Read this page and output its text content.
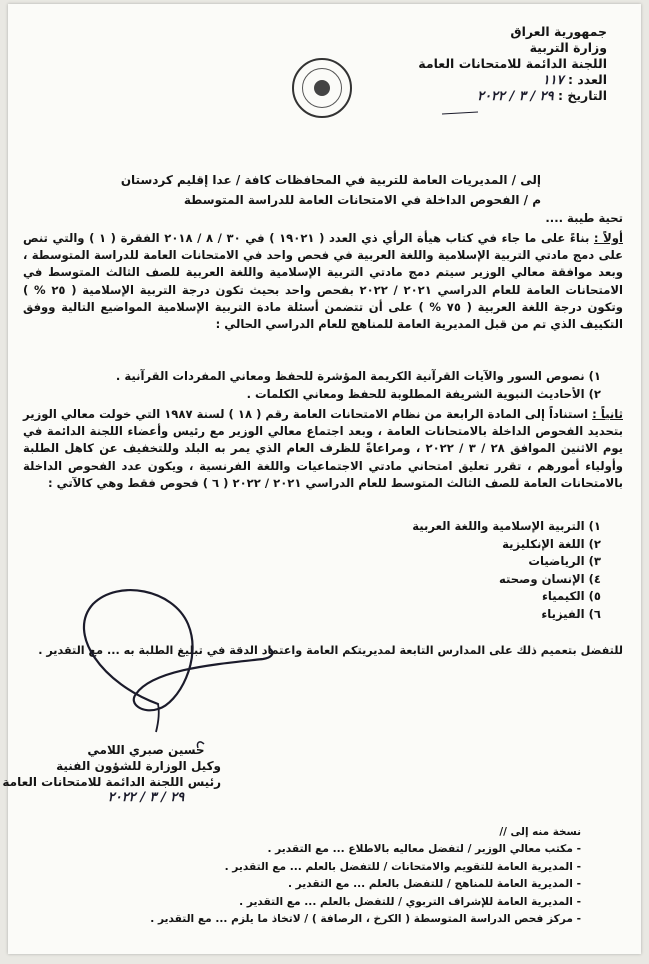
جمهورية العراق
وزارة التربية
اللجنة الدائمة للامتحانات العامة
العدد : ١١٧
التاريخ : ٢٩ / ٣ / ٢٠٢٢
إلى / المديريات العامة للتربية في المحافظات كافة / عدا إقليم كردستان
م / الفحوص الداخلة في الامتحانات العامة للدراسة المتوسطة
تحية طيبة ....
أولاً : بناءً على ما جاء في كتاب هيأة الرأي ذي العدد ( ١٩٠٢١ ) في ٣٠ / ٨ / ٢٠١٨ الفقرة ( ١ ) والتي تنص على دمج مادتي التربية الإسلامية واللغة العربية في فحص واحد في الامتحانات العامة للدراسة المتوسطة ، وبعد موافقة معالي الوزير سيتم دمج مادتي التربية الإسلامية واللغة العربية للصف الثالث المتوسط في الامتحانات العامة للعام الدراسي ٢٠٢١ / ٢٠٢٢ بفحص واحد بحيث تكون درجة التربية الإسلامية ( ٢٥ % ) وتكون درجة اللغة العربية ( ٧٥ % ) على أن تتضمن أسئلة مادة التربية الإسلامية المواضيع التالية ووفق التكييف الذي تم من قبل المديرية العامة للمناهج للعام الدراسي الحالي :
١) نصوص السور والآيات القرآنية الكريمة المؤشرة للحفظ ومعاني المفردات القرآنية .
٢) الأحاديث النبوية الشريفة المطلوبة للحفظ ومعاني الكلمات .
ثانياً : استناداً إلى المادة الرابعة من نظام الامتحانات العامة رقم ( ١٨ ) لسنة ١٩٨٧ التي خولت معالي الوزير بتحديد الفحوص الداخلة بالامتحانات العامة ، وبعد اجتماع معالي الوزير مع رئيس وأعضاء اللجنة الدائمة في يوم الاثنين الموافق ٢٨ / ٣ / ٢٠٢٢ ، ومراعاةً للظرف العام الذي يمر به البلد وللتخفيف عن كاهل الطلبة وأولياء أمورهم ، تقرر تعليق امتحاني مادتي الاجتماعيات واللغة الفرنسية ، ويكون عدد الفحوص الداخلة بالامتحانات العامة للصف الثالث المتوسط للعام الدراسي ٢٠٢١ / ٢٠٢٢ ( ٦ ) فحوص فقط وهي كالآتي :
١) التربية الإسلامية واللغة العربية
٢) اللغة الإنكليزية
٣) الرياضيات
٤) الإنسان وصحته
٥) الكيمياء
٦) الفيزياء
للتفضل بتعميم ذلك على المدارس التابعة لمديريتكم العامة واعتماد الدقة في تبليغ الطلبة به ... مع التقدير .
حسين صبري اللامي
وكيل الوزارة للشؤون الفنية
رئيس اللجنة الدائمة للامتحانات العامة
٢٩ / ٣ / ٢٠٢٢
نسخة منه إلى //
- مكتب معالي الوزير / لتفضل معاليه بالاطلاع ... مع التقدير .
- المديرية العامة للتقويم والامتحانات / للتفضل بالعلم ... مع التقدير .
- المديرية العامة للمناهج / للتفضل بالعلم ... مع التقدير .
- المديرية العامة للإشراف التربوي / للتفضل بالعلم ... مع التقدير .
- مركز فحص الدراسة المتوسطة ( الكرخ ، الرصافة ) / لاتخاذ ما يلزم ... مع التقدير .
